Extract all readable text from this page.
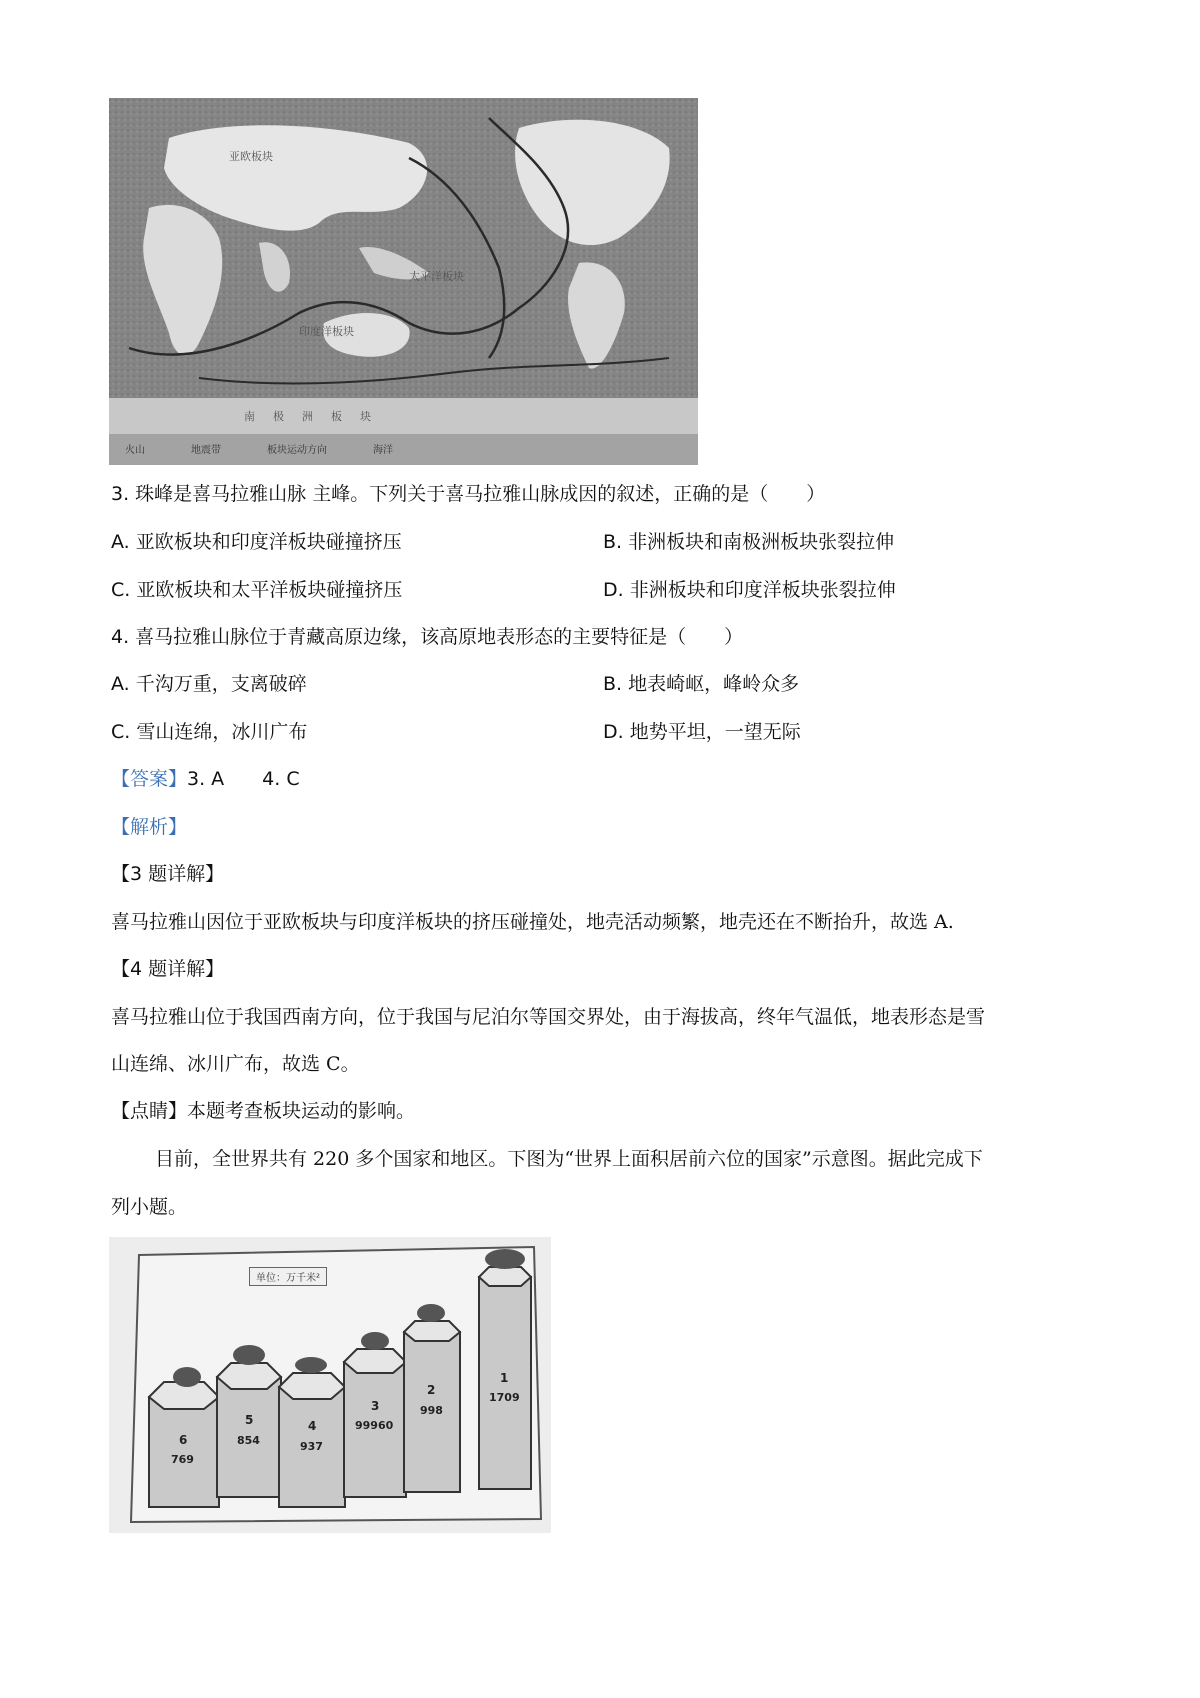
太平洋板块
南极洲板块
印度洋板块
亚欧板块
火山	地震带	板块运动方向	海洋
3. 珠峰是喜马拉雅山脉 主峰。下列关于喜马拉雅山脉成因的叙述，正确的是（　　）
A. 亚欧板块和印度洋板块碰撞挤压	B. 非洲板块和南极洲板块张裂拉伸
C. 亚欧板块和太平洋板块碰撞挤压	D. 非洲板块和印度洋板块张裂拉伸
4. 喜马拉雅山脉位于青藏高原边缘，该高原地表形态的主要特征是（　　）
A. 千沟万重，支离破碎	B. 地表崎岖，峰岭众多
C. 雪山连绵，冰川广布	D. 地势平坦，一望无际
【答案】3. A　　4. C
【解析】
【3 题详解】
喜马拉雅山因位于亚欧板块与印度洋板块的挤压碰撞处，地壳活动频繁，地壳还在不断抬升，故选 A.
【4 题详解】
喜马拉雅山位于我国西南方向，位于我国与尼泊尔等国交界处，由于海拔高，终年气温低，地表形态是雪
山连绵、冰川广布，故选 C。
【点睛】本题考查板块运动的影响。
目前，全世界共有 220 多个国家和地区。下图为“世界上面积居前六位的国家”示意图。据此完成下
列小题。
单位：万千米²
6
769
5
854
4
937
3
99960
2
998
1
1709
